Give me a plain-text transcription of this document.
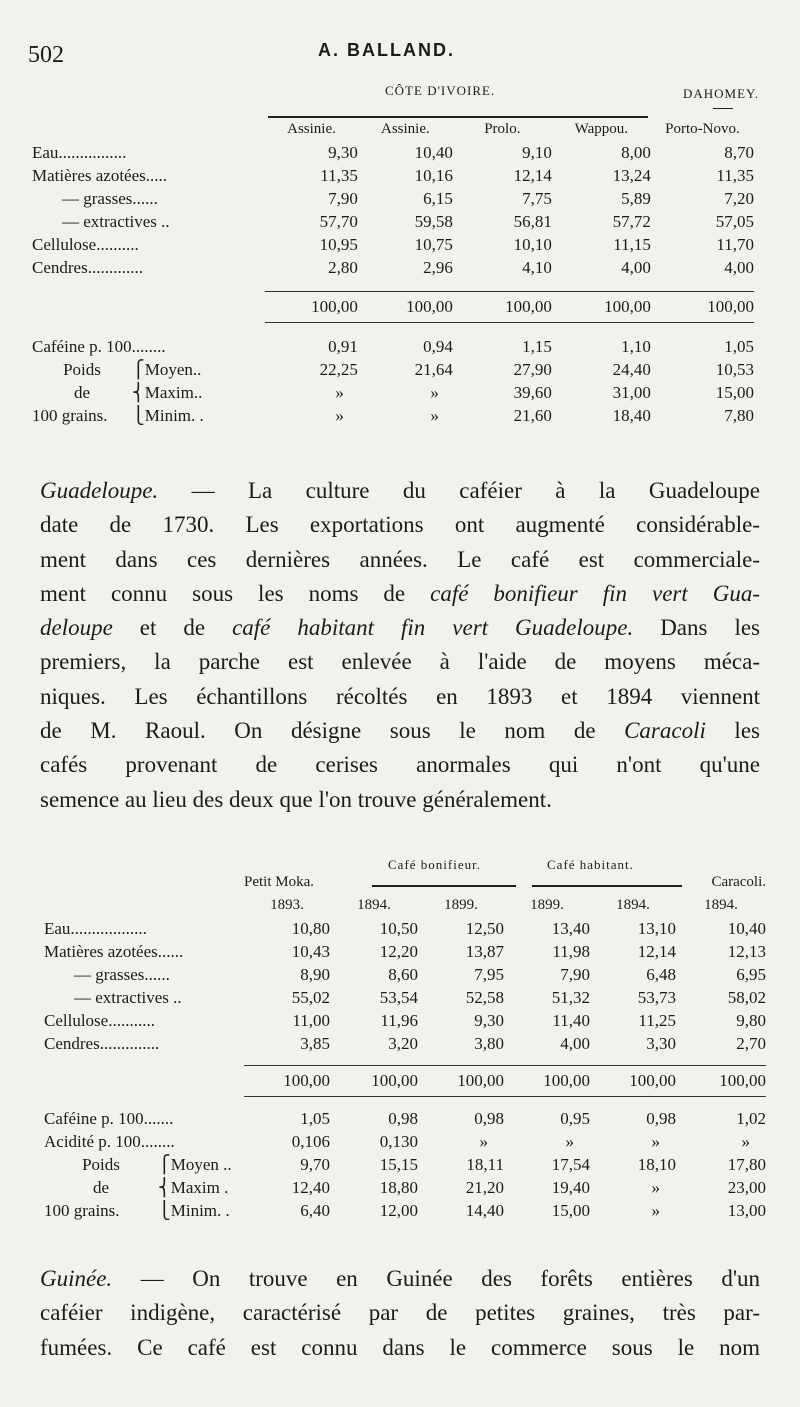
502	A. BALLAND.
CÔTE D'IVOIRE.	DAHOMEY.
	Assinie.	Assinie.	Prolo.	Wappou.	Porto-Novo.
Eau................	9,30	10,40	9,10	8,00	8,70
Matières azotées.....	11,35	10,16	12,14	13,24	11,35
— grasses......	7,90	6,15	7,75	5,89	7,20
— extractives ..	57,70	59,58	56,81	57,72	57,05
Cellulose..........	10,95	10,75	10,10	11,15	11,70
Cendres.............	2,80	2,96	4,10	4,00	4,00

	100,00	100,00	100,00	100,00	100,00

Caféine p. 100........	0,91	0,94	1,15	1,10	1,05
Poids ⎧Moyen..	22,25	21,64	27,90	24,40	10,53
de ⎨Maxim..	»	»	39,60	31,00	15,00
100 grains. ⎩Minim. .	»	»	21,60	18,40	7,80
Guadeloupe. — La culture du caféier à la Guadeloupe
date de 1730. Les exportations ont augmenté considérable-
ment dans ces dernières années. Le café est commerciale-
ment connu sous les noms de café bonifieur fin vert Gua-
deloupe et de café habitant fin vert Guadeloupe. Dans les
premiers, la parche est enlevée à l'aide de moyens méca-
niques. Les échantillons récoltés en 1893 et 1894 viennent
de M. Raoul. On désigne sous le nom de Caracoli les
cafés provenant de cerises anormales qui n'ont qu'une
semence au lieu des deux que l'on trouve généralement.
Café bonifieur.	Café habitant.
	Petit Moka.					Caracoli.
	1893.	1894.	1899.	1899.	1894.	1894.
Eau..................	10,80	10,50	12,50	13,40	13,10	10,40
Matières azotées......	10,43	12,20	13,87	11,98	12,14	12,13
— grasses......	8,90	8,60	7,95	7,90	6,48	6,95
— extractives ..	55,02	53,54	52,58	51,32	53,73	58,02
Cellulose...........	11,00	11,96	9,30	11,40	11,25	9,80
Cendres..............	3,85	3,20	3,80	4,00	3,30	2,70

	100,00	100,00	100,00	100,00	100,00	100,00

Caféine p. 100.......	1,05	0,98	0,98	0,95	0,98	1,02
Acidité p. 100........	0,106	0,130	»	»	»	»
Poids ⎧Moyen ..	9,70	15,15	18,11	17,54	18,10	17,80
de ⎨Maxim .	12,40	18,80	21,20	19,40	»	23,00
100 grains. ⎩Minim. .	6,40	12,00	14,40	15,00	»	13,00
Guinée. — On trouve en Guinée des forêts entières d'un
caféier indigène, caractérisé par de petites graines, très par-
fumées. Ce café est connu dans le commerce sous le nom
